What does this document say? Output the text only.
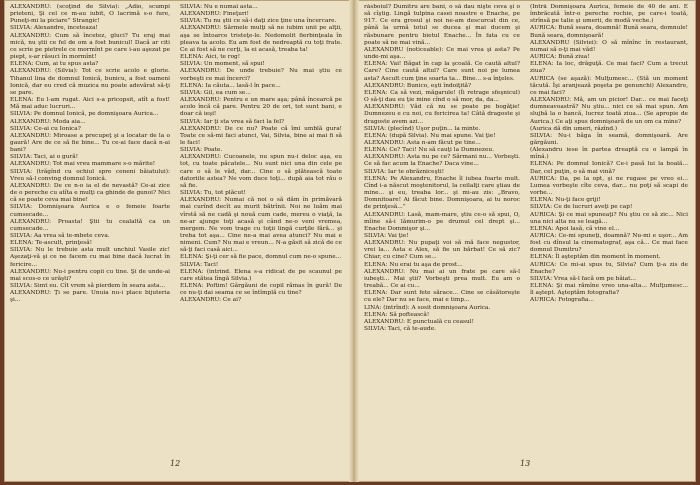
ALEXANDRU: (scoţînd de Silvia): „Adio, scumpi prieteni, Şi cel ce m-au iubit, O lacrimă s-o fure, Puneţi-mi la piciare” Strangic!

SILVIA: Alexandre, inceteaza!

ALEXANDRU: Cum să încetez, gluci? Tu eraj mai mică, nu ştii ce fel de om a fost bunicul! Dacă ar citi ce scrie pe pietrele ce mormînt pe care i-au aşezat pe piept, s-ar răsuci în mormînt!

ELENA: Cum, ai tu spus asta?

ALEXANDRU: (Silvia): Tot ce scrie acolo e glorie. Tihanul lina de domnul Ionică, bunicu, a fost oameni Ionică, dar eu cred că muzica nu poate adevărat să-ţi se pare.

ELENA: Eu l-am rugat. Aici s-a pricopsit, atît a fost! Mă mai aduc lucruri...

SILVIA: Pe domnul Ionică, pe domnişoara Aurica...

ALEXANDRU: Moda aia...

SILVIA: Ce-ai cu Ionica?

ALEXANDRU: Miroase a precupeţ şi a locatar de la o gaură! Are de ce să fie bine... Tu ce-ai face dacă n-ai bani?

SILVIA: Taci, ai o gură!

ALEXANDRU: Tot mai vreu mammare s-o mărite!

SILVIA: (trăgînd cu ochiul spre ceneni băiatului): Vreu să-l conving domnul Ionică.

ALEXANDRU: De ce n-o ia el de nevastă? Ce-ai zice de o pereche cu atîta e mulţi ca ghinde de gunoi? Nici că se poate ceva mai bine!

SILVIA: Domnişoara Aurica e o femeie foarte cumsecade...

ALEXANDRU: Proasta! Ştii tu cealaltă ca un cumsecade...

SILVIA: Aa vrea să te-mbete ceva.

ELENA: Te-ascult, prinţesă!

SILVIA: Nu le trebuie asta mult unchiul Vasile zic! Aşezaţi-vă şi ce ne facem cu mai bine dacă lucrat în fericire...

ALEXANDRU: Nu-i pentru copii cu tine. Şi de unde-ai mai scos-o ce urăşti?

SILVIA: Simt eu. Cît vrem să pierdem în seara asta...

ALEXANDRU: Ţi se pare. Unuia nu-i place bijuteria şi...

SILVIA: Nu e numai asta...

ALEXANDRU: Fineţuri!

SILVIA: Tu nu ştii ce să-i daţi zice ţine una încercare.

ALEXANDRU: Sărmele mulţi să ne iubim unii pe alţii, aşa se întoarce tristeţe-le. Nedomolit fierbinţeala în pleava ta acolo. Eu am fost de nedreaptă cu toţi frate. Ce ai fost să ne cerţi, la ei acasă, treaba ta!

ELENA: Aici, te rog!

SILVIA: Un moment, să spui!

ALEXANDRU: De unde trebuie? Nu mai ştiu ce vorbeşti ce mai încerci?

ELENA: Ia căuta... lasă-l în pace...

SILVIA: Gil, ea cum se...

ALEXANDRU: Pentru e un mare aşa; până încearcă pe acolo încă că pare. Pentru 20 de ori, tot sunt bani, e doar că ieşi!

SILVIA: Iar ţi sta vrea să faci la fel?

ALEXANDRU: De ce nu? Poate că îmi umblă gura! Toate ce să-mi faci atunci, Vai, Silvia, bine ai mai fi să le faci!

SILVIA: Poate.

ALEXANDRU: Cucoanele, nu spun nu-i deloc aşa, eu tot, cu toate păcatele... Nu sunt nici una din cele pe care o să le văd, dar... Cine o să plătească toate datoriile astea? Ne vom duce toţi... după aia tot rău o să fie.

SILVIA: Tu, tot plăcut!

ALEXANDRU: Numai că noi o să dăm în primăvară mai curînd decît au murit bătrînii. Noi ne luăm mai vîrstă să ne cadă şi nouă cum cade, mereu o viaţă, la ne-ar ajunge toţi acasă şi când ne-o veni vremea, mergem. Ne vom trage cu toţii lingă curţile fără... şi treba tot aşa... Cine ne-a mai avea atunci? Nu mai e nimeni. Cum? Nu mai e vreun... N-a găsit să zică de ce să-ţi faci casă aici...

ELENA: Şi-ţi cer să fie pace, domnul cum ne-o spune...

SILVIA: Taci!

ELENA: (intrind. Elena s-a ridicat de pe scaunul pe care stătea lîngă Silvia.)

ELENA: Poftim! Gărgăuni de copil rămas în gură! De ce nu-ţi dai seama ce se întîmplă cu tine?

ALEXANDRU: Ce ai?

12

răsboiul? Dumitru are bani, o să dau nişte ceva şi o să cîştig. Lingă tulpina casei noastre e Enache, pe 917. Ce era grosul şi noi ne-am descurcat din ce, până la urmă totul se ducea şi mai ducem şi răsbunare pentru bietul Enache... În fata cu ce poate să ne mai vină...

ALEXANDRU (noticeable): Ce mai vrea şi asta? Pe unde-mi aşa...

ELENA: Vai! Băgat în cap la şcoală. Ce caută altul? Care? Cine caută altul? Care sunt noi pe lumea asta? Ascult cum ţine soarta ta... Bine... s-a înţeles.

ALEXANDRU: Bunico, eşti îndoiţită?

ELENA: Ca să vezi, măgarule! (Îi retrage sfeşnicul) O să-ţi dau eu ţie mine cînd o să mor, da, da...

ALEXANDRU: Văd că nu se poate pe bogăţie! Dumnezeu e cu noi, cu fericirea ta! Câtă dragoste şi dragoste avem azi...

SILVIA: (plecînd) Uşor puţin... la minte.

ELENA: (după Silvia). Nu mai spune. Vai ţie!

ALEXANDRU: Asta n-am făcut pe tine...

ELENA: Ce? Taci! Nu să cauţi la Dumnezeu.

ALEXANDRU: Asta nu pe ce? Sărmani nu... Vorbeşti. Ce să fac acum la Enache? Daca vine...

SILVIA: Iar te obrăzniceşti!

ELENA: Pe Alexandru, Enache îl iubea foarte mult. Cînd i-a născut moştenitorul, la ceilalţi care ştiau de mine... şi eu, treaba lor... şi mi-au zis: „Bravo, Domnitoare! Ai făcut bine. Domnişoara, ai tu noroc de prinţesă...”

ALEXANDRU: Lasă, mam-mare, ştiu ce-o să spui, O, mîine să-i lămurim-o pe drumul cel drept şi... Enache Dommişor şi...

SILVIA: Vai ţie!

ALEXANDRU: Nu pupaţi voi să mă face negustor, vrei la... Asta e Alex, să fie un bărbat! Ce să zic? Chiar, cu cine? Cum se...

ELENA: Nu erai tu aşa de prost...

ALEXANDRU: Nu mai ai un frate pe care să-l iubeşti... Mai ştii? Vorbeşti prea mult. Eu am o treabă... Ce ai cu...

ELENA: Dar sunt fete sărace... Cine se căsătoreşte cu ele? Dar nu se face, mai e timp...

LINA: (intrînd): A sosit domnişoara Aurica.

ELENA: Să poftească!

ALEXANDRU: E punctuală cu ceasul!

SILVIA: Taci, că te-aude.

(Intră Domnişoara Aurica, femeie de 40 de ani. E îmbrăcată într-o pereche rochie, pe care-i toată, strînsă pe talie şi umerii, de modă veche.)

AURICA: Bună seara, doamnă! Bună seara, domnule! Bună seara, domnişoară!

ALEXANDRU (Silviei): O să mînînc în restaurant, numai să o-ţi mai văd!

AURICA: Bună ziua!

ELENA: Ia loc, drăguţă. Ce mai faci? Cum a trecut ziua?

AURICA (se aşază): Mulţumesc... (Stă un moment tăcută. Îşi aranjează poşeta pe genunchi) Alexandre, ce mai faci?

ALEXANDRU: Mă, am un picior! Dar... ce mai faceţi dumneavoastră? Nu ştiu... nici ce să mai spun. Am slujbă la o bancă, lucrez toată ziua... (Se apropie de Aurica.) Ce aţi spus domnişoară de un om ca mine?

(Aurica dă din umeri, râzînd.)

SILVIA: Nu-i băga în seamă, domnişoară. Are gărgăuni.

(Alexandru iese în partea dreaptă cu o lampă în mînă.)

ELENA: Pe domnul Ionică? Ce-i pasă lui la boală... Dar, cel puţin, o să mai vină?

AURICA: Da, pe la opt, şi ne rugase pe vreo ei... Lumea vorbeşte cîte ceva, dar... nu poţi să scapi de vorbe...

ELENA: Nu-ţi face griji!

SILVIA: Ce de lucruri aveţi pe cap!

AURICA: Şi ce mai spuneaţi? Nu ştiu ce să zic... Nici una nici alta nu se leagă...

ELENA: Apoi lasă, că vine el...

AURICA: Ce-mi spuneţi, doamnă? Nu-mi e uşor... Am fost cu dînsul la cinematograf, aşa că... Ce mai face domnul Dumitru?

ELENA: Îl aşteptăm din moment în moment.

AURICA: Ce mi-ai spus tu, Silvia? Cum ţi-a zis de Enache?

SILVIA: Vrea să-l facă om pe băiat...

ELENA: Şi mai rămîne vreo una-alta... Mulţumesc... îl aştept. Aşteptăm fotografia?

AURICA: Fotografia...

13
